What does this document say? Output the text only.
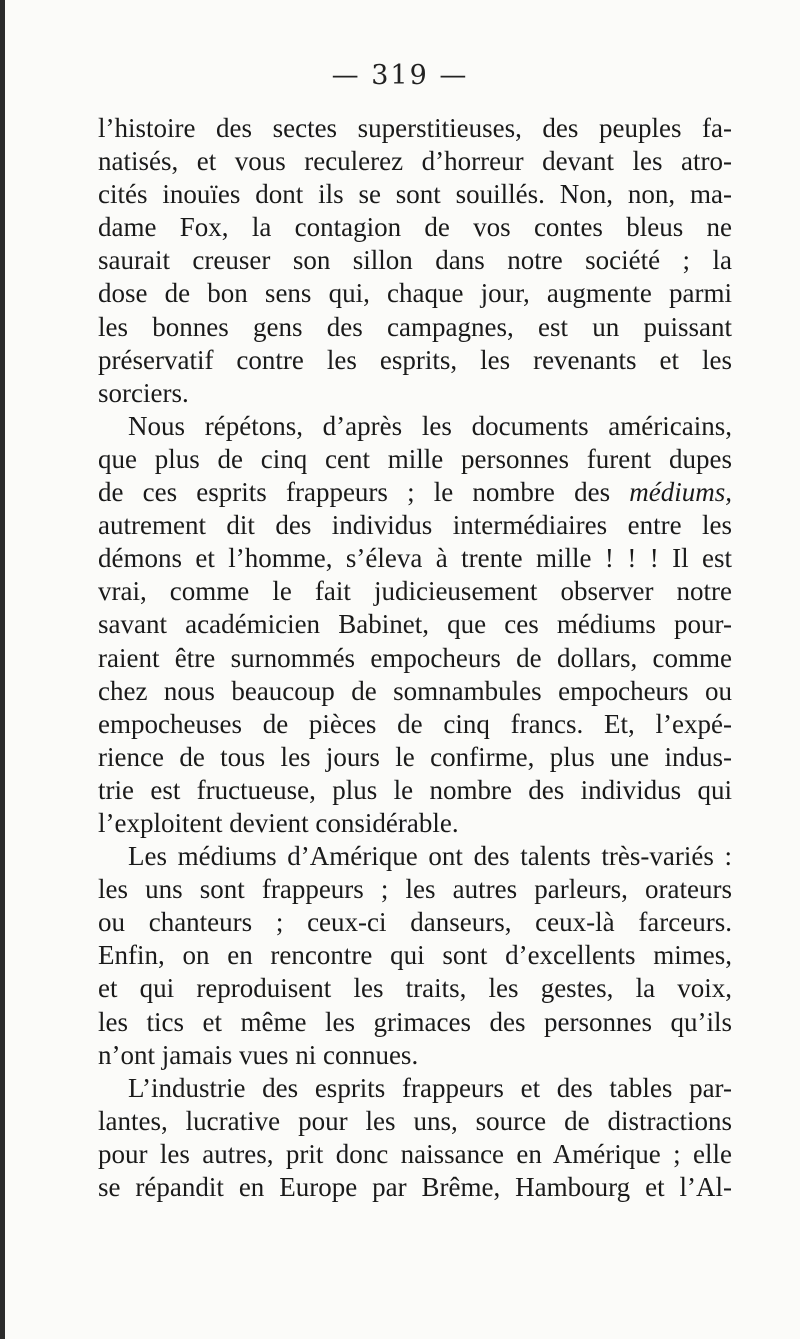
— 319 —
l’histoire des sectes superstitieuses, des peuples fa-
natisés, et vous reculerez d’horreur devant les atro-
cités inouïes dont ils se sont souillés. Non, non, ma-
dame Fox, la contagion de vos contes bleus ne
saurait creuser son sillon dans notre société ; la
dose de bon sens qui, chaque jour, augmente parmi
les bonnes gens des campagnes, est un puissant
préservatif contre les esprits, les revenants et les
sorciers.
Nous répétons, d’après les documents américains,
que plus de cinq cent mille personnes furent dupes
de ces esprits frappeurs ; le nombre des médiums,
autrement dit des individus intermédiaires entre les
démons et l’homme, s’éleva à trente mille ! ! ! Il est
vrai, comme le fait judicieusement observer notre
savant académicien Babinet, que ces médiums pour-
raient être surnommés empocheurs de dollars, comme
chez nous beaucoup de somnambules empocheurs ou
empocheuses de pièces de cinq francs. Et, l’expé-
rience de tous les jours le confirme, plus une indus-
trie est fructueuse, plus le nombre des individus qui
l’exploitent devient considérable.
Les médiums d’Amérique ont des talents très-variés :
les uns sont frappeurs ; les autres parleurs, orateurs
ou chanteurs ; ceux-ci danseurs, ceux-là farceurs.
Enfin, on en rencontre qui sont d’excellents mimes,
et qui reproduisent les traits, les gestes, la voix,
les tics et même les grimaces des personnes qu’ils
n’ont jamais vues ni connues.
L’industrie des esprits frappeurs et des tables par-
lantes, lucrative pour les uns, source de distractions
pour les autres, prit donc naissance en Amérique ; elle
se répandit en Europe par Brême, Hambourg et l’Al-
